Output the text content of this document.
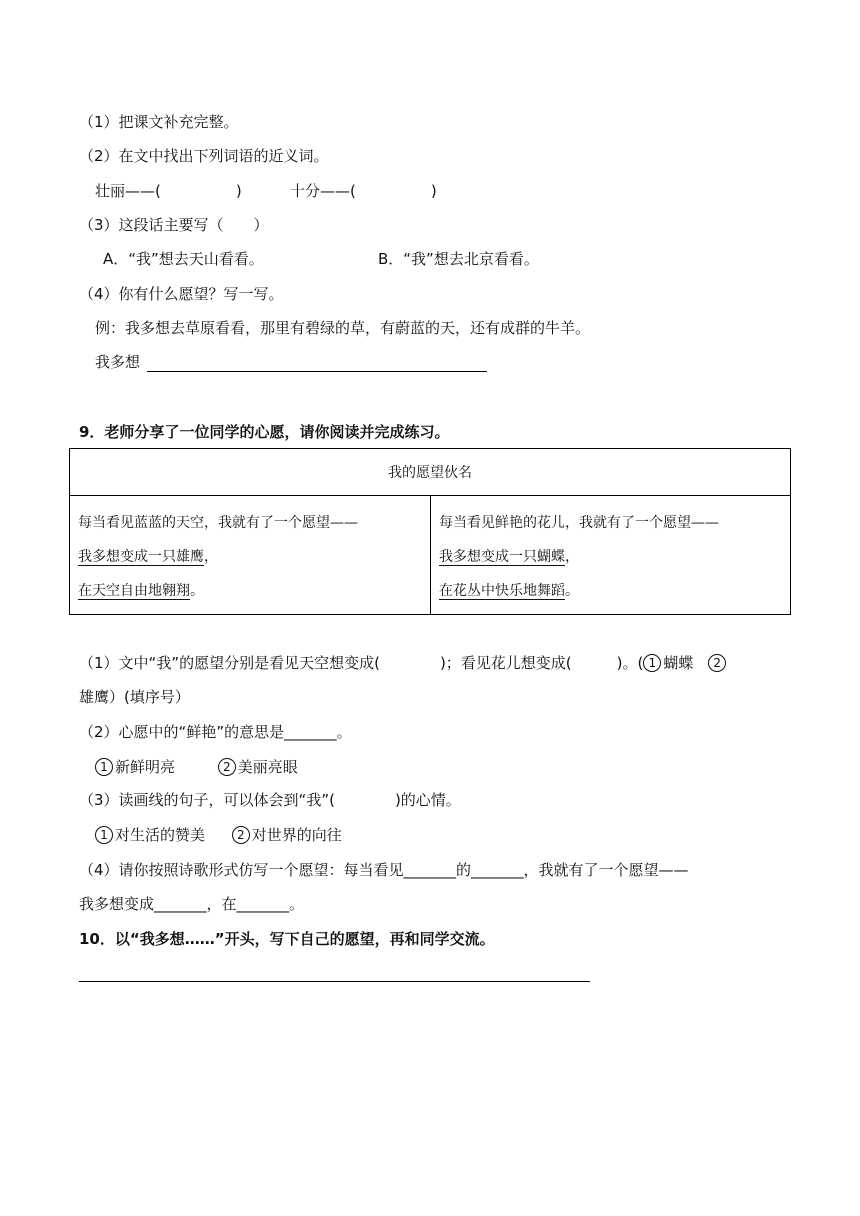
（1）把课文补充完整。
（2）在文中找出下列词语的近义词。
壮丽——(　　　　　)	十分——(　　　　　)
（3）这段话主要写（　　）
A．“我”想去天山看看。	B．“我”想去北京看看。
（4）你有什么愿望？写一写。
例：我多想去草原看看，那里有碧绿的草，有蔚蓝的天，还有成群的牛羊。
我多想
9．老师分享了一位同学的心愿，请你阅读并完成练习。
我的愿望伙名

每当看见蓝蓝的天空，我就有了一个愿望——
我多想变成一只雄鹰，
在天空自由地翱翔。

每当看见鲜艳的花儿，我就有了一个愿望——
我多想变成一只蝴蝶，
在花丛中快乐地舞蹈。
（1）文中“我”的愿望分别是看见天空想变成(　　　　)；看见花儿想变成(　　　)。( 1 蝴蝶 2
雄鹰）(填序号）
（2）心愿中的“鲜艳”的意思是_______。
1 新鲜明亮	2 美丽亮眼
（3）读画线的句子，可以体会到“我”(　　　　)的心情。
1 对生活的赞美	2 对世界的向往
（4）请你按照诗歌形式仿写一个愿望：每当看见_______的_______，我就有了一个愿望——
我多想变成_______，在_______。
10．以“我多想……”开头，写下自己的愿望，再和同学交流。
